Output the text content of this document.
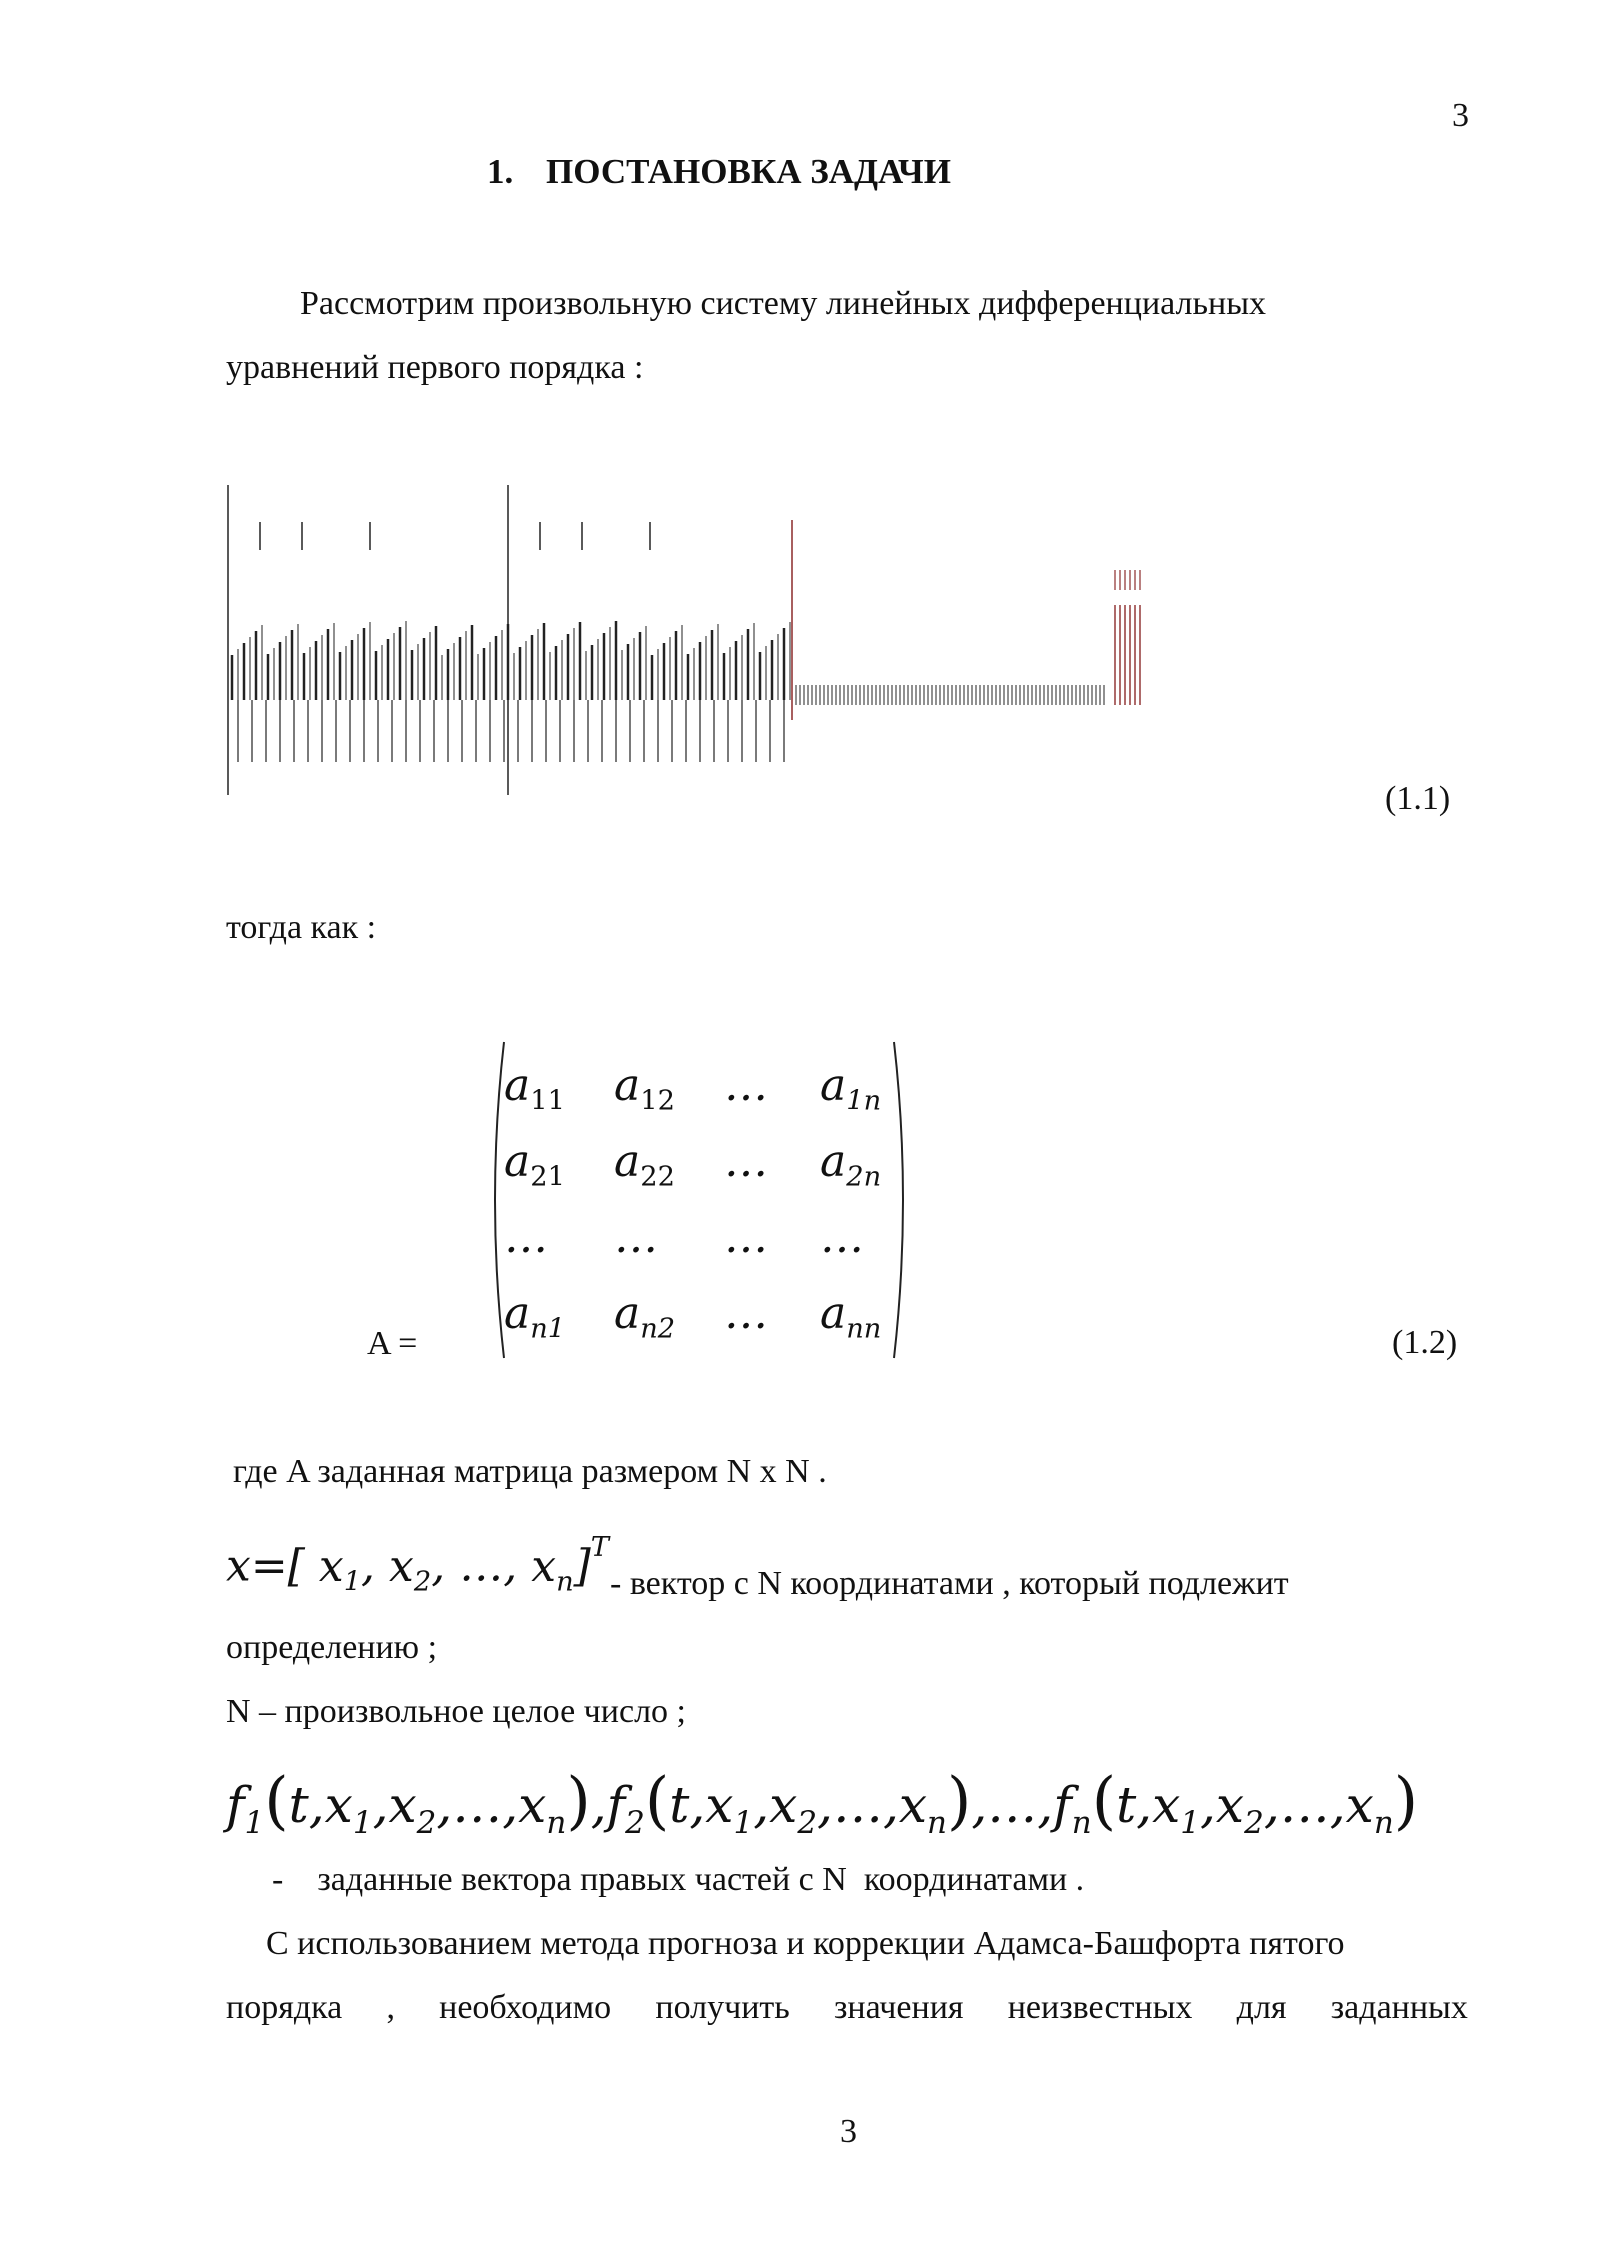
3
1. ПОСТАНОВКА ЗАДАЧИ
Рассмотрим произвольную систему линейных дифференциальных
уравнений первого порядка :
(1.1)
тогда как :
A =
$a_{11}$ $a_{12}$ … $a_{1n}$
$a_{21}$ $a_{22}$ … $a_{2n}$
… … … …
$a_{n1}$ $a_{n2}$ … $a_{nn}$	(1.2)
где A заданная матрица размером N x N .
x=[ $x_1$, $x_2$, …, $x_n]^T$
- вектор с N координатами , который подлежит
определению ;
N – произвольное целое число ;
$f_1(t,x_1,x_2,\dots,x_n),f_2(t,x_1,x_2,\dots,x_n),\dots,f_n(t,x_1,x_2,\dots,x_n)$
-    заданные вектора правых частей с N  координатами .
С использованием метода прогноза и коррекции Адамса-Башфорта пятого
порядка , необходимо получить значения неизвестных для заданных
3
